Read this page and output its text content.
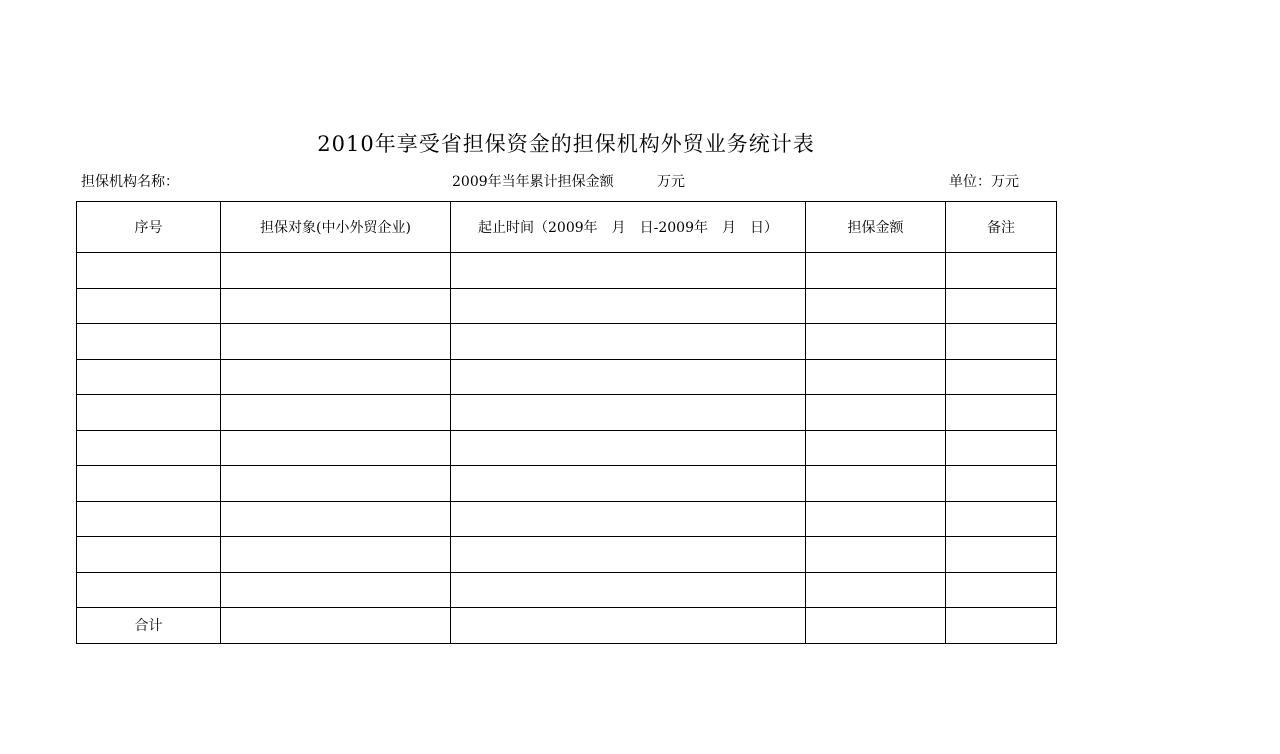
2010年享受省担保资金的担保机构外贸业务统计表
担保机构名称：	2009年当年累计担保金额	万元	单位：万元
序号	担保对象(中小外贸企业)	起止时间（2009年　月　日-2009年　月　日）	担保金额	备注

合计				
